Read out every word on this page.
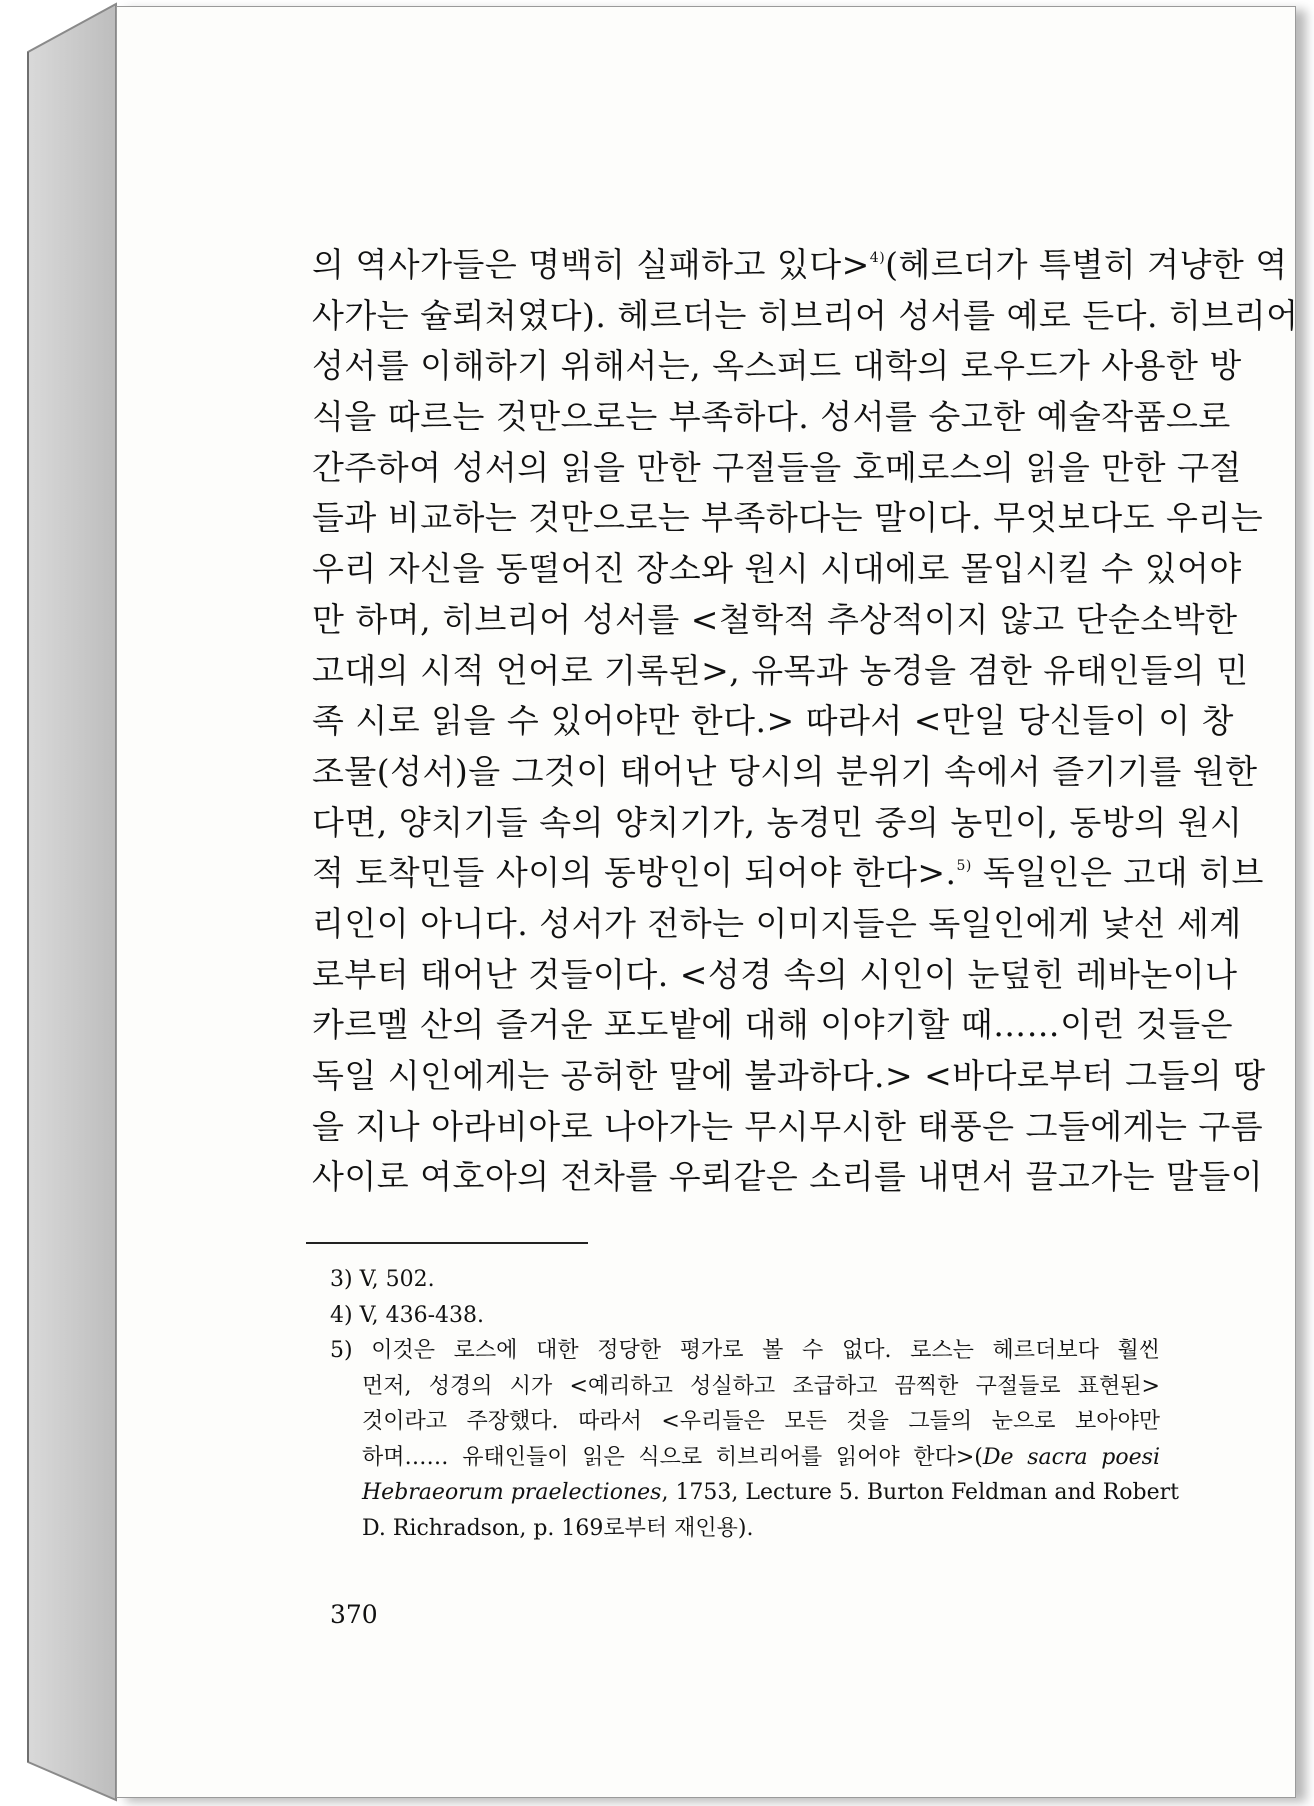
의 역사가들은 명백히 실패하고 있다>$^{4)}$(헤르더가 특별히 겨냥한 역
사가는 슐뢰처였다). 헤르더는 히브리어 성서를 예로 든다. 히브리어
성서를 이해하기 위해서는, 옥스퍼드 대학의 로우드가 사용한 방
식을 따르는 것만으로는 부족하다. 성서를 숭고한 예술작품으로
간주하여 성서의 읽을 만한 구절들을 호메로스의 읽을 만한 구절
들과 비교하는 것만으로는 부족하다는 말이다. 무엇보다도 우리는
우리 자신을 동떨어진 장소와 원시 시대에로 몰입시킬 수 있어야
만 하며, 히브리어 성서를 <철학적 추상적이지 않고 단순소박한
고대의 시적 언어로 기록된>, 유목과 농경을 겸한 유태인들의 민
족 시로 읽을 수 있어야만 한다.> 따라서 <만일 당신들이 이 창
조물(성서)을 그것이 태어난 당시의 분위기 속에서 즐기기를 원한
다면, 양치기들 속의 양치기가, 농경민 중의 농민이, 동방의 원시
적 토착민들 사이의 동방인이 되어야 한다>.$^{5)}$ 독일인은 고대 히브
리인이 아니다. 성서가 전하는 이미지들은 독일인에게 낯선 세계
로부터 태어난 것들이다. <성경 속의 시인이 눈덮힌 레바논이나
카르멜 산의 즐거운 포도밭에 대해 이야기할 때……이런 것들은
독일 시인에게는 공허한 말에 불과하다.> <바다로부터 그들의 땅
을 지나 아라비아로 나아가는 무시무시한 태풍은 그들에게는 구름
사이로 여호아의 전차를 우뢰같은 소리를 내면서 끌고가는 말들이
3) V, 502.
4) V, 436-438.
5) 이것은 로스에 대한 정당한 평가로 볼 수 없다. 로스는 헤르더보다 훨씬
먼저, 성경의 시가 <예리하고 성실하고 조급하고 끔찍한 구절들로 표현된>
것이라고 주장했다. 따라서 <우리들은 모든 것을 그들의 눈으로 보아야만
하며…… 유태인들이 읽은 식으로 히브리어를 읽어야 한다>(De sacra poesi
Hebraeorum praelectiones, 1753, Lecture 5. Burton Feldman and Robert
D. Richradson, p. 169로부터 재인용).
370
